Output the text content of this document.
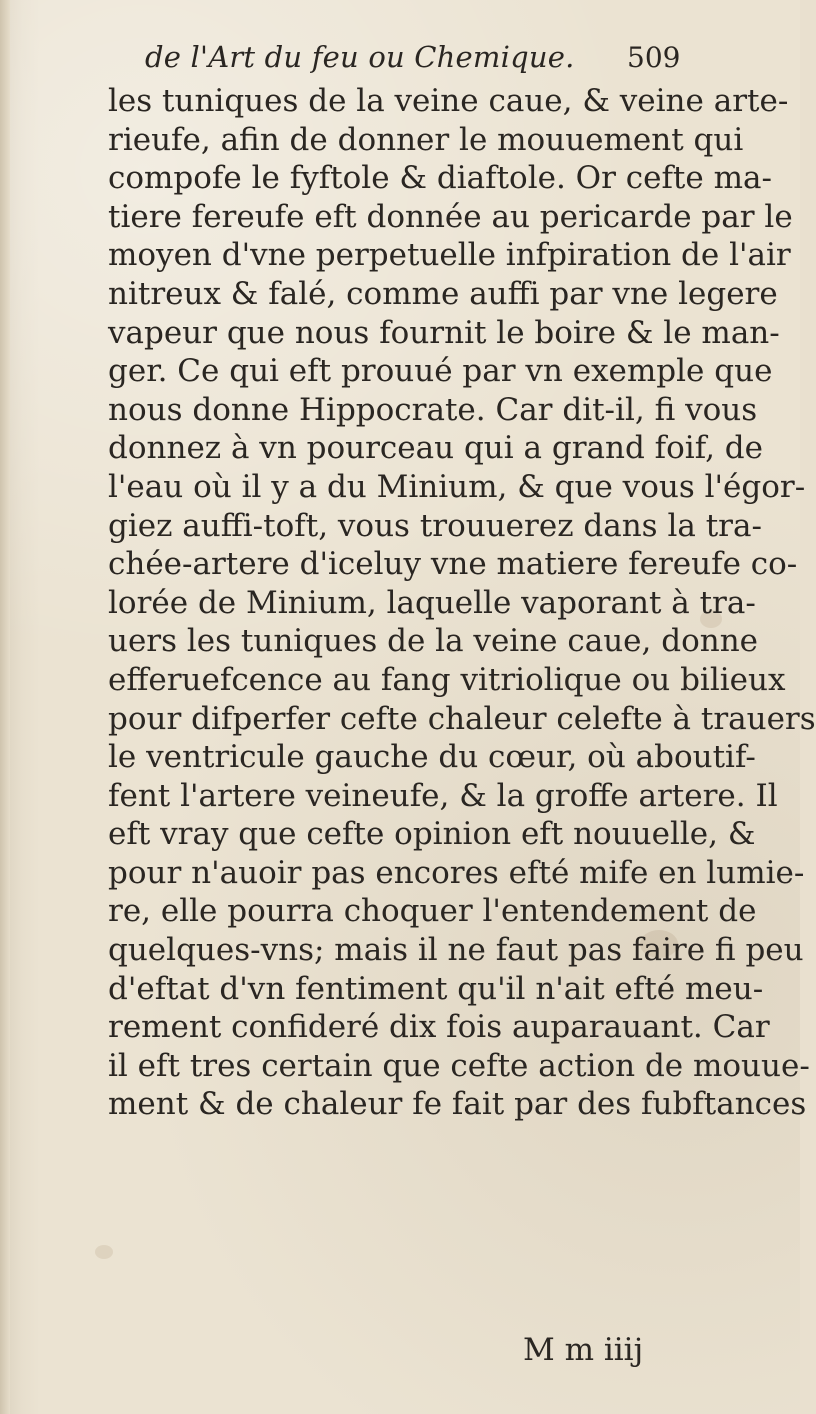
de l'Art du feu ou Chemique.	509
les tuniques de la veine caue, & veine arte-
rieufe, afin de donner le mouuement qui
compofe le fyftole & diaftole. Or cefte ma-
tiere fereufe eft donnée au pericarde par le
moyen d'vne perpetuelle infpiration de l'air
nitreux & falé, comme auffi par vne legere
vapeur que nous fournit le boire & le man-
ger. Ce qui eft prouué par vn exemple que
nous donne Hippocrate. Car dit-il, fi vous
donnez à vn pourceau qui a grand foif, de
l'eau où il y a du Minium, & que vous l'égor-
giez auffi-toft, vous trouuerez dans la tra-
chée-artere d'iceluy vne matiere fereufe co-
lorée de Minium, laquelle vaporant à tra-
uers les tuniques de la veine caue, donne
efferuefcence au fang vitriolique ou bilieux
pour difperfer cefte chaleur celefte à trauers
le ventricule gauche du cœur, où aboutif-
fent l'artere veineufe, & la groffe artere. Il
eft vray que cefte opinion eft nouuelle, &
pour n'auoir pas encores efté mife en lumie-
re, elle pourra choquer l'entendement de
quelques-vns; mais il ne faut pas faire fi peu
d'eftat d'vn fentiment qu'il n'ait efté meu-
rement confideré dix fois auparauant. Car
il eft tres certain que cefte action de mouue-
ment & de chaleur fe fait par des fubftances
M m iiij
